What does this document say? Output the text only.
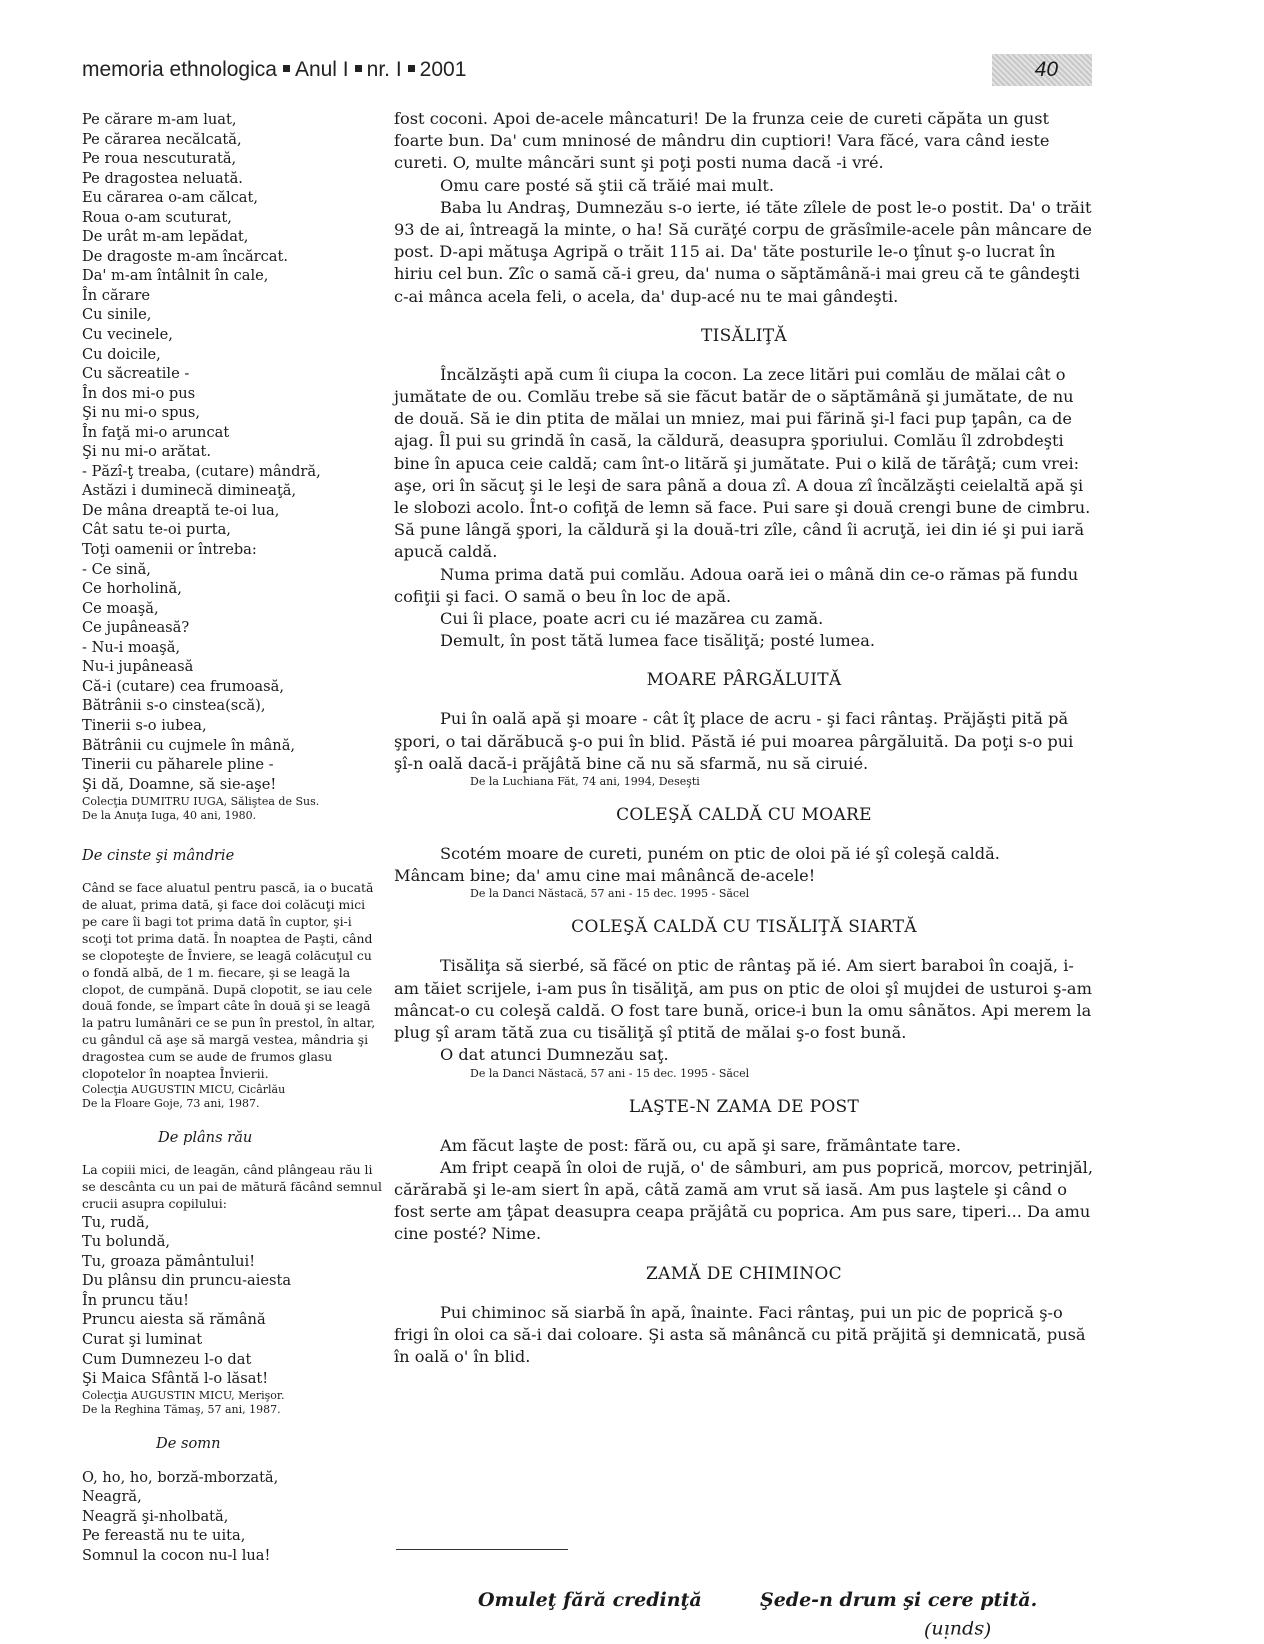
memoria ethnologica Anul I nr. I 2001	40
Pe cărare m-am luat,
Pe cărarea necălcată,
Pe roua nescuturată,
Pe dragostea neluată.
Eu cărarea o-am călcat,
Roua o-am scuturat,
De urât m-am lepădat,
De dragoste m-am încărcat.
Da' m-am întâlnit în cale,
În cărare
Cu sinile,
Cu vecinele,
Cu doicile,
Cu săcreatile -
În dos mi-o pus
Şi nu mi-o spus,
În faţă mi-o aruncat
Şi nu mi-o arătat.
- Păzî-ţ treaba, (cutare) mândră,
Astăzi i duminecă dimineaţă,
De mâna dreaptă te-oi lua,
Cât satu te-oi purta,
Toţi oamenii or întreba:
- Ce sină,
Ce horholină,
Ce moaşă,
Ce jupâneasă?
- Nu-i moaşă,
Nu-i jupâneasă
Că-i (cutare) cea frumoasă,
Bătrânii s-o cinstea(scă),
Tinerii s-o iubea,
Bătrânii cu cujmele în mână,
Tinerii cu păharele pline -
Şi dă, Doamne, să sie-aşe!

Colecţia DUMITRU IUGA, Săliştea de Sus.

De la Anuţa Iuga, 40 ani, 1980.

De cinste şi mândrie

Când se face aluatul pentru pască, ia o bucată de aluat, prima dată, şi face doi colăcuţi mici pe care îi bagi tot prima dată în cuptor, şi-i scoţi tot prima dată. În noaptea de Paşti, când se clopoteşte de Înviere, se leagă colăcuţul cu o fondă albă, de 1 m. fiecare, şi se leagă la clopot, de cumpănă. După clopotit, se iau cele două fonde, se împart câte în două şi se leagă la patru lumânări ce se pun în prestol, în altar, cu gândul că aşe să margă vestea, mândria şi dragostea cum se aude de frumos glasu clopotelor în noaptea Învierii.

Colecţia AUGUSTIN MICU, Cicârlău

De la Floare Goje, 73 ani, 1987.

De plâns rău

La copiii mici, de leagăn, când plângeau rău li se descânta cu un pai de mătură făcând semnul crucii asupra copilului:

Tu, rudă,
Tu bolundă,
Tu, groaza pământului!
Du plânsu din pruncu-aiesta
În pruncu tău!
Pruncu aiesta să rămână
Curat şi luminat
Cum Dumnezeu l-o dat
Şi Maica Sfântă l-o lăsat!

Colecţia AUGUSTIN MICU, Merişor.

De la Reghina Tămaş, 57 ani, 1987.

De somn

O, ho, ho, borză-mborzată,
Neagră,
Neagră şi-nholbată,
Pe fereastă nu te uita,
Somnul la cocon nu-l lua!

fost coconi. Apoi de-acele mâncaturi! De la frunza ceie de cureti căpăta un gust foarte bun. Da' cum mninosé de mândru din cuptiori! Vara făcé, vara când ieste cureti. O, multe mâncări sunt şi poţi posti numa dacă -i vré.

Omu care posté să ştii că trăié mai mult.

Baba lu Andraş, Dumnezău s-o ierte, ié tăte zîlele de post le-o postit. Da' o trăit 93 de ai, întreagă la minte, o ha! Să curăţé corpu de grăsîmile-acele pân mâncare de post. D-api mătuşa Agripă o trăit 115 ai. Da' tăte posturile le-o ţînut ş-o lucrat în hiriu cel bun. Zîc o samă că-i greu, da' numa o săptămână-i mai greu că te gândeşti c-ai mânca acela feli, o acela, da' dup-acé nu te mai gândeşti.

TISĂLIŢĂ

Încălzăşti apă cum îi ciupa la cocon. La zece litări pui comlău de mălai cât o jumătate de ou. Comlău trebe să sie făcut batăr de o săptămână şi jumătate, de nu de două. Să ie din ptita de mălai un mniez, mai pui fărină şi-l faci pup ţapân, ca de ajag. Îl pui su grindă în casă, la căldură, deasupra şporiului. Comlău îl zdrobdeşti bine în apuca ceie caldă; cam înt-o litără şi jumătate. Pui o kilă de tărâţă; cum vrei: aşe, ori în săcuţ şi le leşi de sara până a doua zî. A doua zî încălzăşti ceielaltă apă şi le slobozi acolo. Înt-o cofiţă de lemn să face. Pui sare şi două crengi bune de cimbru. Să pune lângă şpori, la căldură şi la două-tri zîle, când îi acruţă, iei din ié şi pui iară apucă caldă.

Numa prima dată pui comlău. Adoua oară iei o mână din ce-o rămas pă fundu cofiţii şi faci. O samă o beu în loc de apă.

Cui îi place, poate acri cu ié mazărea cu zamă.

Demult, în post tătă lumea face tisăliţă; posté lumea.

MOARE PÂRGĂLUITĂ

Pui în oală apă şi moare - cât îţ place de acru - şi faci rântaş. Prăjăşti pită pă şpori, o tai dărăbucă ş-o pui în blid. Păstă ié pui moarea pârgăluită. Da poţi s-o pui şî-n oală dacă-i prăjâtă bine că nu să sfarmă, nu să ciruié.

De la Luchiana Făt, 74 ani, 1994, Deseşti

COLEŞĂ CALDĂ CU MOARE

Scotém moare de cureti, puném on ptic de oloi pă ié şî coleşă caldă.

Mâncam bine; da' amu cine mai mânâncă de-acele!

De la Danci Năstacă, 57 ani - 15 dec. 1995 - Săcel

COLEŞĂ CALDĂ CU TISĂLIŢĂ SIARTĂ

Tisăliţa să sierbé, să făcé on ptic de rântaş pă ié. Am siert baraboi în coajă, i-am tăiet scrijele, i-am pus în tisăliţă, am pus on ptic de oloi şî mujdei de usturoi ş-am mâncat-o cu coleşă caldă. O fost tare bună, orice-i bun la omu sânătos. Api merem la plug şî aram tătă zua cu tisăliţă şî ptită de mălai ş-o fost bună.

O dat atunci Dumnezău saţ.

De la Danci Năstacă, 57 ani - 15 dec. 1995 - Săcel

LAŞTE-N ZAMA DE POST

Am făcut laşte de post: fără ou, cu apă şi sare, frământate tare.

Am fript ceapă în oloi de rujă, o' de sâmburi, am pus poprică, morcov, petrinjăl, cărărabă şi le-am siert în apă, câtă zamă am vrut să iasă. Am pus laştele şi când o fost serte am ţâpat deasupra ceapa prăjâtă cu poprica. Am pus sare, tiperi... Da amu cine posté? Nime.

ZAMĂ DE CHIMINOC

Pui chiminoc să siarbă în apă, înainte. Faci rântaş, pui un pic de poprică ş-o frigi în oloi ca să-i dai coloare. Şi asta să mânâncă cu pită prăjită şi demnicată, pusă în oală o' în blid.

Omuleţ fără credinţă	Şede-n drum şi cere ptită.
(spuin)
